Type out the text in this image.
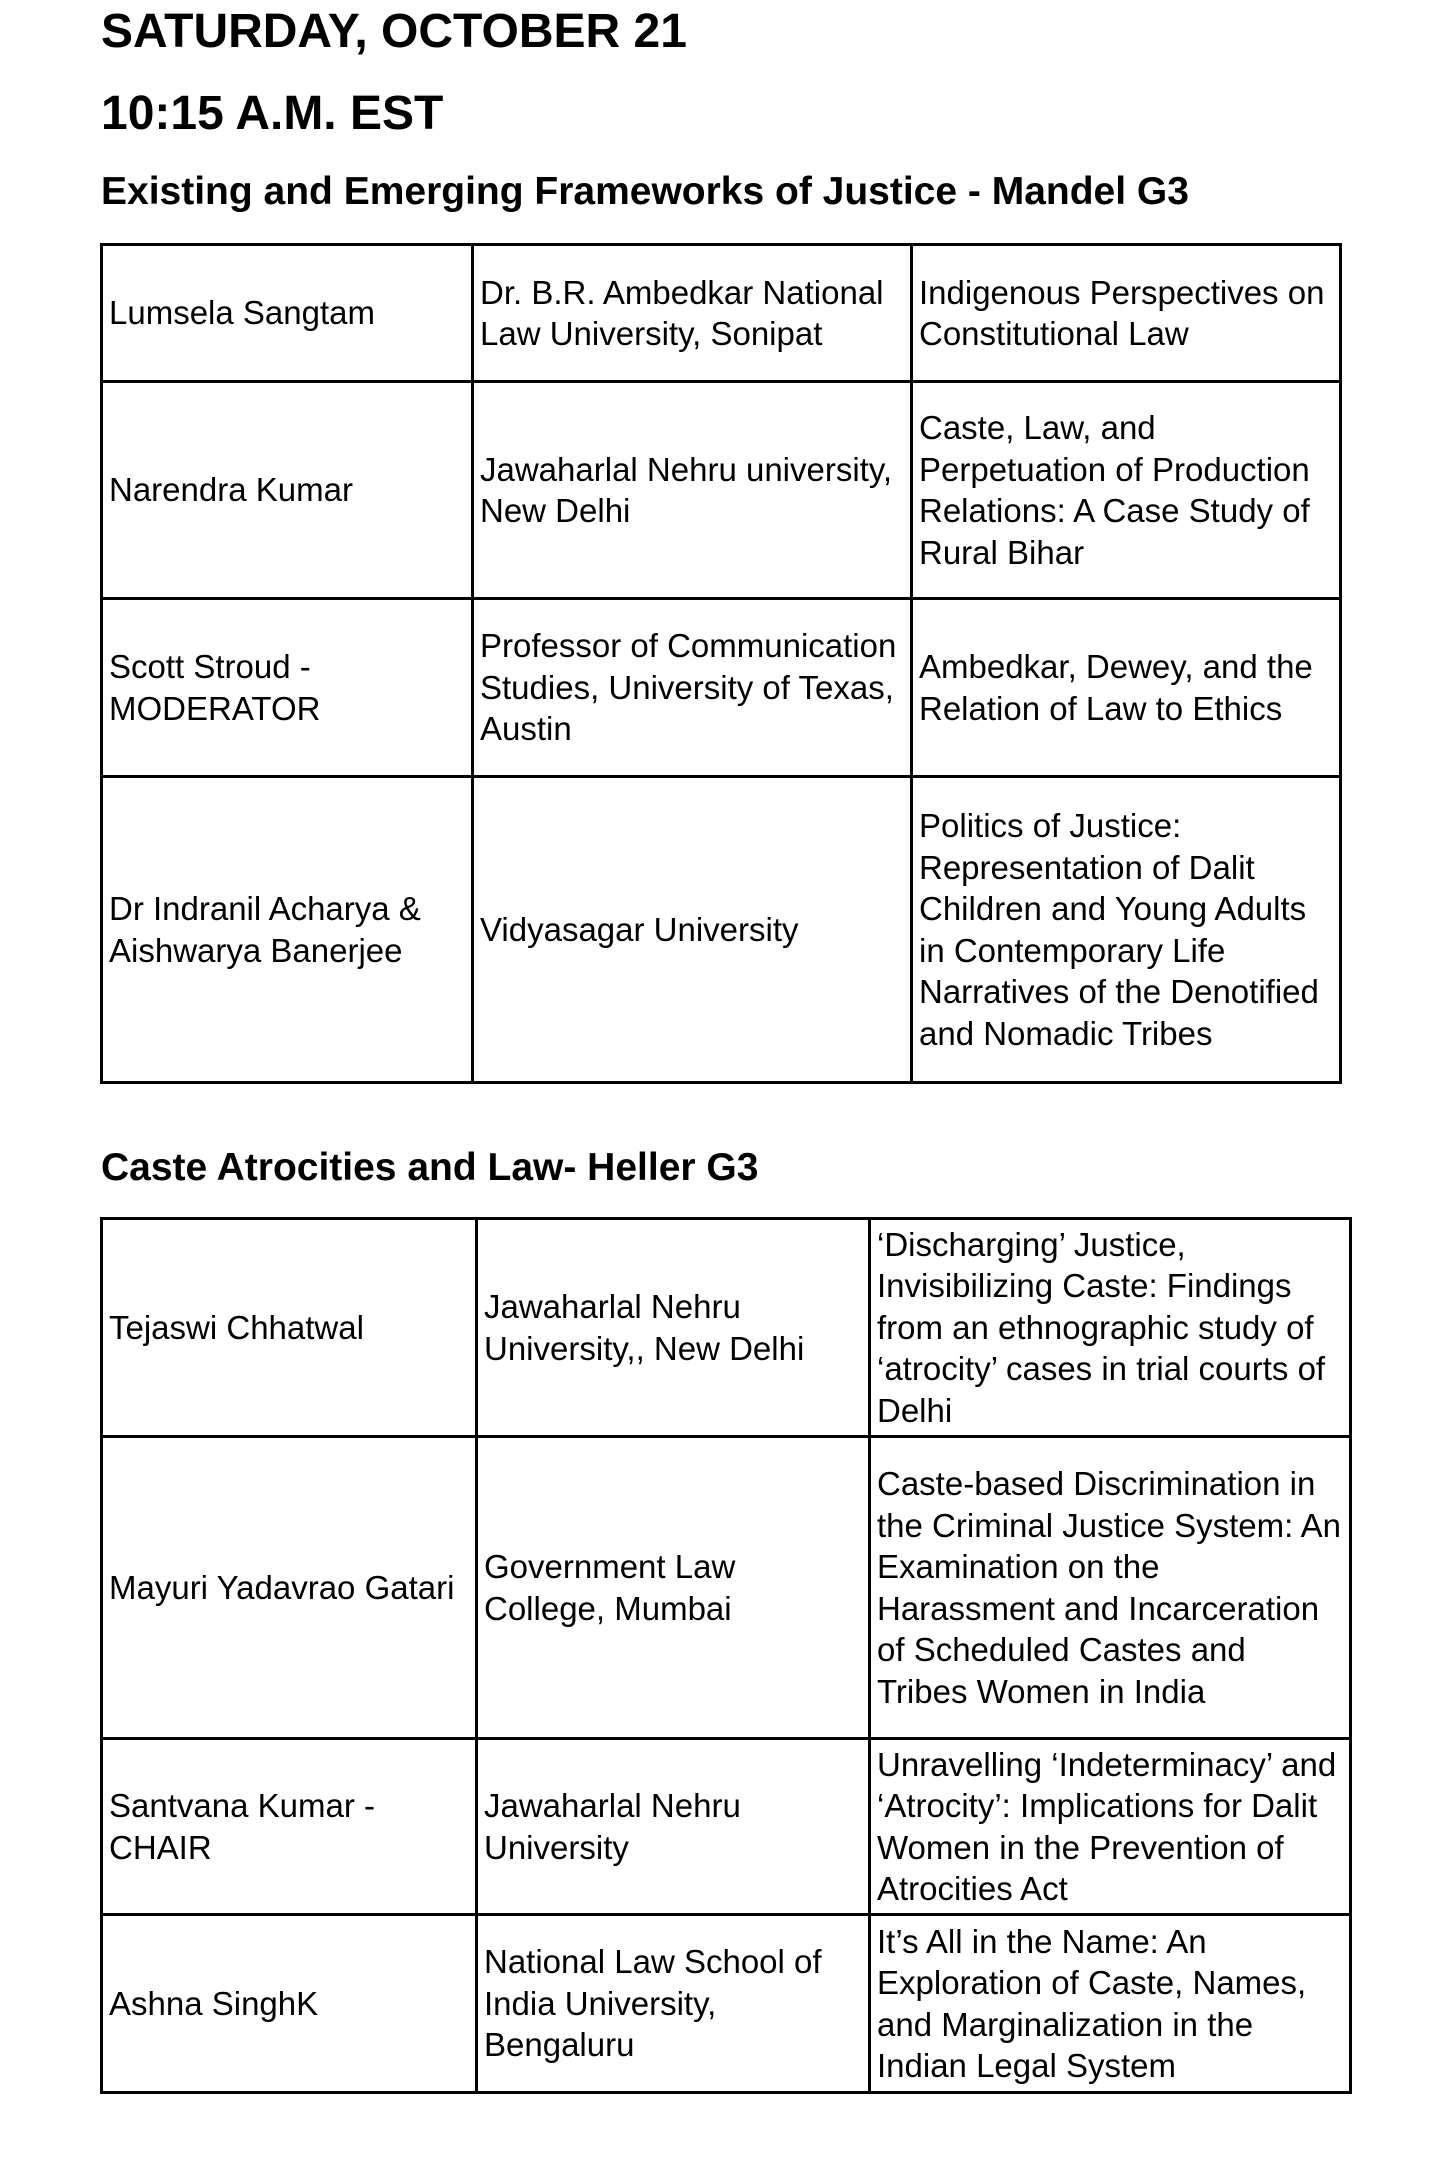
SATURDAY, OCTOBER 21
10:15 A.M. EST
Existing and Emerging Frameworks of Justice - Mandel G3
Lumsela Sangtam	Dr. B.R. Ambedkar National Law University, Sonipat	Indigenous Perspectives on Constitutional Law
Narendra Kumar	Jawaharlal Nehru university, New Delhi	Caste, Law, and Perpetuation of Production Relations: A Case Study of Rural Bihar
Scott Stroud - MODERATOR	Professor of Communication Studies, University of Texas, Austin	Ambedkar, Dewey, and the Relation of Law to Ethics
Dr Indranil Acharya & Aishwarya Banerjee	Vidyasagar University	Politics of Justice: Representation of Dalit Children and Young Adults in Contemporary Life Narratives of the Denotified and Nomadic Tribes
Caste Atrocities and Law- Heller G3
Tejaswi Chhatwal	Jawaharlal Nehru University,, New Delhi	‘Discharging’ Justice, Invisibilizing Caste: Findings from an ethnographic study of ‘atrocity’ cases in trial courts of Delhi
Mayuri Yadavrao Gatari	Government Law College, Mumbai	Caste-based Discrimination in the Criminal Justice System: An Examination on the Harassment and Incarceration of Scheduled Castes and Tribes Women in India
Santvana Kumar - CHAIR	Jawaharlal Nehru University	Unravelling ‘Indeterminacy’ and ‘Atrocity’: Implications for Dalit Women in the Prevention of Atrocities Act
Ashna SinghK	National Law School of India University, Bengaluru	It’s All in the Name: An Exploration of Caste, Names, and Marginalization in the Indian Legal System
